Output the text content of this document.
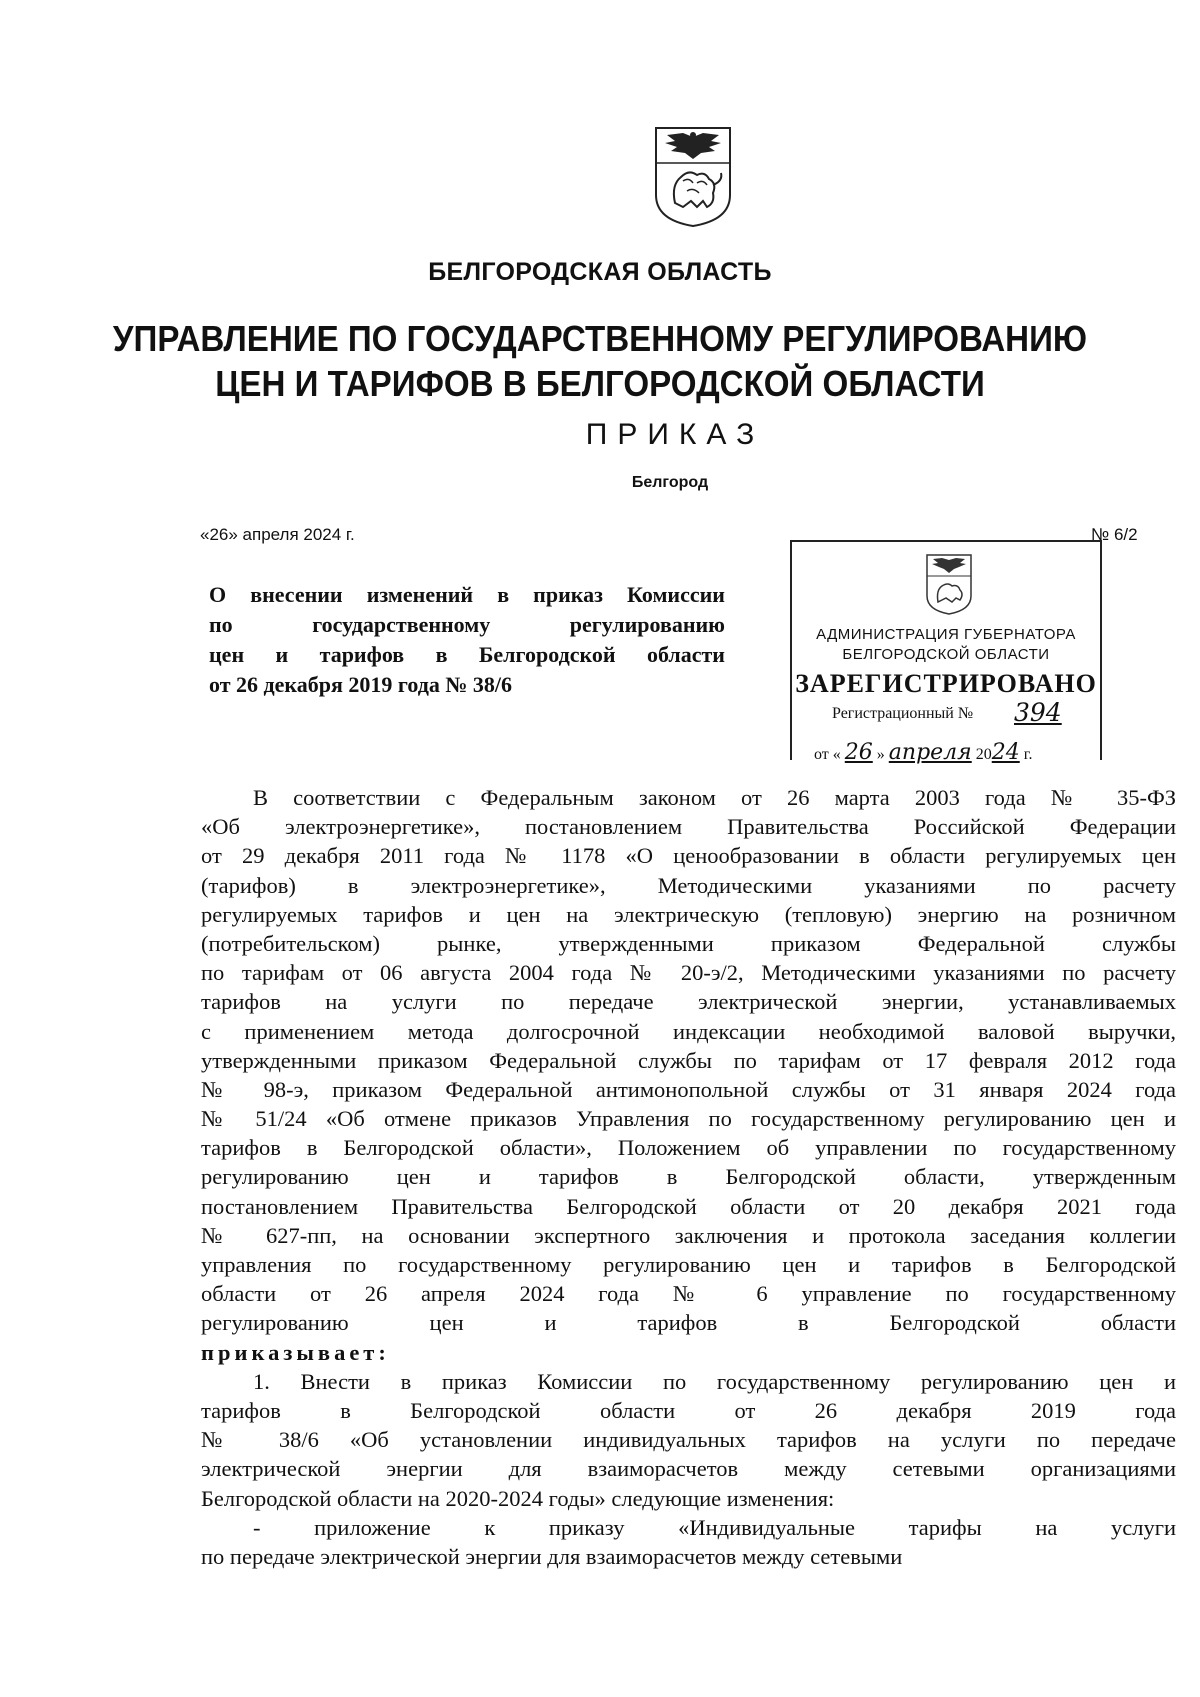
БЕЛГОРОДСКАЯ ОБЛАСТЬ
УПРАВЛЕНИЕ ПО ГОСУДАРСТВЕННОМУ РЕГУЛИРОВАНИЮ
ЦЕН И ТАРИФОВ В БЕЛГОРОДСКОЙ ОБЛАСТИ
ПРИКАЗ
Белгород
«26» апреля 2024 г.	№ 6/2
О внесении изменений в приказ Комиссии
по государственному регулированию
цен и тарифов в Белгородской области
от 26 декабря 2019 года № 38/6
АДМИНИСТРАЦИЯ ГУБЕРНАТОРА
БЕЛГОРОДСКОЙ ОБЛАСТИ
ЗАРЕГИСТРИРОВАНО
Регистрационный № 394
от « 26 » апреля 2024 г.
В соответствии с Федеральным законом от 26 марта 2003 года № 35-ФЗ
«Об электроэнергетике», постановлением Правительства Российской Федерации
от 29 декабря 2011 года № 1178 «О ценообразовании в области регулируемых цен
(тарифов) в электроэнергетике», Методическими указаниями по расчету
регулируемых тарифов и цен на электрическую (тепловую) энергию на розничном
(потребительском) рынке, утвержденными приказом Федеральной службы
по тарифам от 06 августа 2004 года № 20-э/2, Методическими указаниями по расчету
тарифов на услуги по передаче электрической энергии, устанавливаемых
с применением метода долгосрочной индексации необходимой валовой выручки,
утвержденными приказом Федеральной службы по тарифам от 17 февраля 2012 года
№ 98-э, приказом Федеральной антимонопольной службы от 31 января 2024 года
№ 51/24 «Об отмене приказов Управления по государственному регулированию цен и
тарифов в Белгородской области», Положением об управлении по государственному
регулированию цен и тарифов в Белгородской области, утвержденным
постановлением Правительства Белгородской области от 20 декабря 2021 года
№ 627-пп, на основании экспертного заключения и протокола заседания коллегии
управления по государственному регулированию цен и тарифов в Белгородской
области от 26 апреля 2024 года № 6 управление по государственному
регулированию цен и тарифов в Белгородской области
приказывает:
1. Внести в приказ Комиссии по государственному регулированию цен и
тарифов в Белгородской области от 26 декабря 2019 года
№ 38/6 «Об установлении индивидуальных тарифов на услуги по передаче
электрической энергии для взаиморасчетов между сетевыми организациями
Белгородской области на 2020-2024 годы» следующие изменения:
- приложение к приказу «Индивидуальные тарифы на услуги
по передаче электрической энергии для взаиморасчетов между сетевыми
